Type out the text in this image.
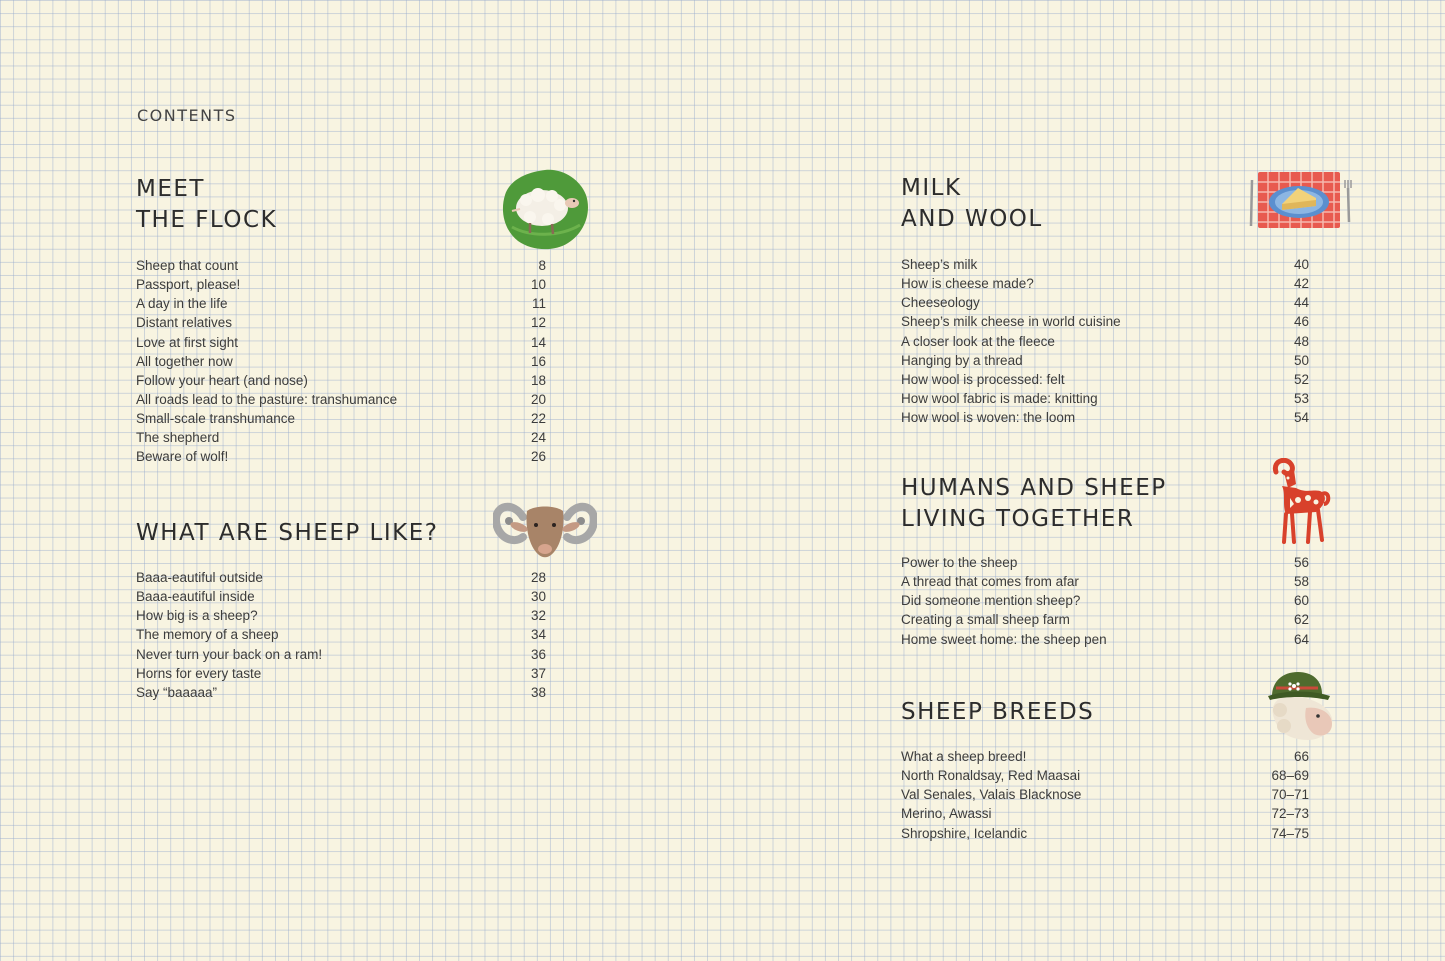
CONTENTS
MEET
THE FLOCK
Sheep that count	8
Passport, please!	10
A day in the life	11
Distant relatives	12
Love at first sight	14
All together now	16
Follow your heart (and nose)	18
All roads lead to the pasture: transhumance	20
Small-scale transhumance	22
The shepherd	24
Beware of wolf!	26
WHAT ARE SHEEP LIKE?
Baaa-eautiful outside	28
Baaa-eautiful inside	30
How big is a sheep?	32
The memory of a sheep	34
Never turn your back on a ram!	36
Horns for every taste	37
Say “baaaaa”	38
MILK
AND WOOL
Sheep’s milk	40
How is cheese made?	42
Cheeseology	44
Sheep’s milk cheese in world cuisine	46
A closer look at the fleece	48
Hanging by a thread	50
How wool is processed: felt	52
How wool fabric is made: knitting	53
How wool is woven: the loom	54
HUMANS AND SHEEP
LIVING TOGETHER
Power to the sheep	56
A thread that comes from afar	58
Did someone mention sheep?	60
Creating a small sheep farm	62
Home sweet home: the sheep pen	64
SHEEP BREEDS
What a sheep breed!	66
North Ronaldsay, Red Maasai	68–69
Val Senales, Valais Blacknose	70–71
Merino, Awassi	72–73
Shropshire, Icelandic	74–75
